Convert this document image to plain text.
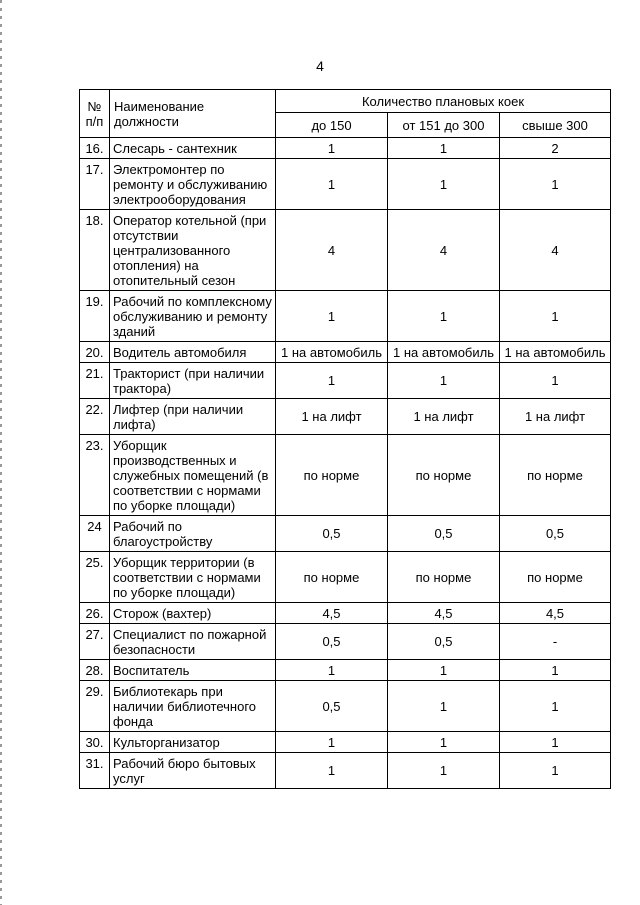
4
№ п/п	Наименование должности	Количество плановых коек		
		до 150	от 151 до 300	свыше 300
16.	Слесарь - сантехник	1	1	2
17.	Электромонтер по ремонту и обслуживанию электрооборудования	1	1	1
18.	Оператор котельной (при отсутствии централизованного отопления) на отопительный сезон	4	4	4
19.	Рабочий по комплексному обслуживанию и ремонту зданий	1	1	1
20.	Водитель автомобиля	1 на автомобиль	1 на автомобиль	1 на автомобиль
21.	Тракторист (при наличии трактора)	1	1	1
22.	Лифтер (при наличии лифта)	1 на лифт	1 на лифт	1 на лифт
23.	Уборщик производственных и служебных помещений (в соответствии с нормами по уборке площади)	по норме	по норме	по норме
24	Рабочий по благоустройству	0,5	0,5	0,5
25.	Уборщик территории (в соответствии с нормами по уборке площади)	по норме	по норме	по норме
26.	Сторож (вахтер)	4,5	4,5	4,5
27.	Специалист по пожарной безопасности	0,5	0,5	-
28.	Воспитатель	1	1	1
29.	Библиотекарь при наличии библиотечного фонда	0,5	1	1
30.	Культорганизатор	1	1	1
31.	Рабочий бюро бытовых услуг	1	1	1
